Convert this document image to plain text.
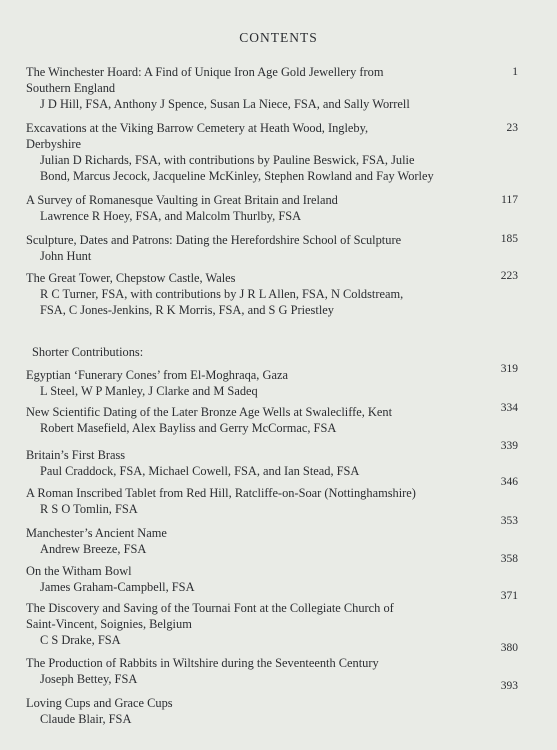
CONTENTS
The Winchester Hoard: A Find of Unique Iron Age Gold Jewellery from
Southern England
J D Hill, FSA, Anthony J Spence, Susan La Niece, FSA, and Sally Worrell
1
Excavations at the Viking Barrow Cemetery at Heath Wood, Ingleby,
Derbyshire
Julian D Richards, FSA, with contributions by Pauline Beswick, FSA, Julie
Bond, Marcus Jecock, Jacqueline McKinley, Stephen Rowland and Fay Worley
23
A Survey of Romanesque Vaulting in Great Britain and Ireland
Lawrence R Hoey, FSA, and Malcolm Thurlby, FSA
117
Sculpture, Dates and Patrons: Dating the Herefordshire School of Sculpture
John Hunt
185
The Great Tower, Chepstow Castle, Wales
R C Turner, FSA, with contributions by J R L Allen, FSA, N Coldstream,
FSA, C Jones-Jenkins, R K Morris, FSA, and S G Priestley
223
Shorter Contributions:
Egyptian ‘Funerary Cones’ from El-Moghraqa, Gaza
L Steel, W P Manley, J Clarke and M Sadeq
319
New Scientific Dating of the Later Bronze Age Wells at Swalecliffe, Kent
Robert Masefield, Alex Bayliss and Gerry McCormac, FSA
334
Britain’s First Brass
Paul Craddock, FSA, Michael Cowell, FSA, and Ian Stead, FSA
339
A Roman Inscribed Tablet from Red Hill, Ratcliffe-on-Soar (Nottinghamshire)
R S O Tomlin, FSA
346
Manchester’s Ancient Name
Andrew Breeze, FSA
353
On the Witham Bowl
James Graham-Campbell, FSA
358
The Discovery and Saving of the Tournai Font at the Collegiate Church of
Saint-Vincent, Soignies, Belgium
C S Drake, FSA
371
The Production of Rabbits in Wiltshire during the Seventeenth Century
Joseph Bettey, FSA
380
Loving Cups and Grace Cups
Claude Blair, FSA
393
